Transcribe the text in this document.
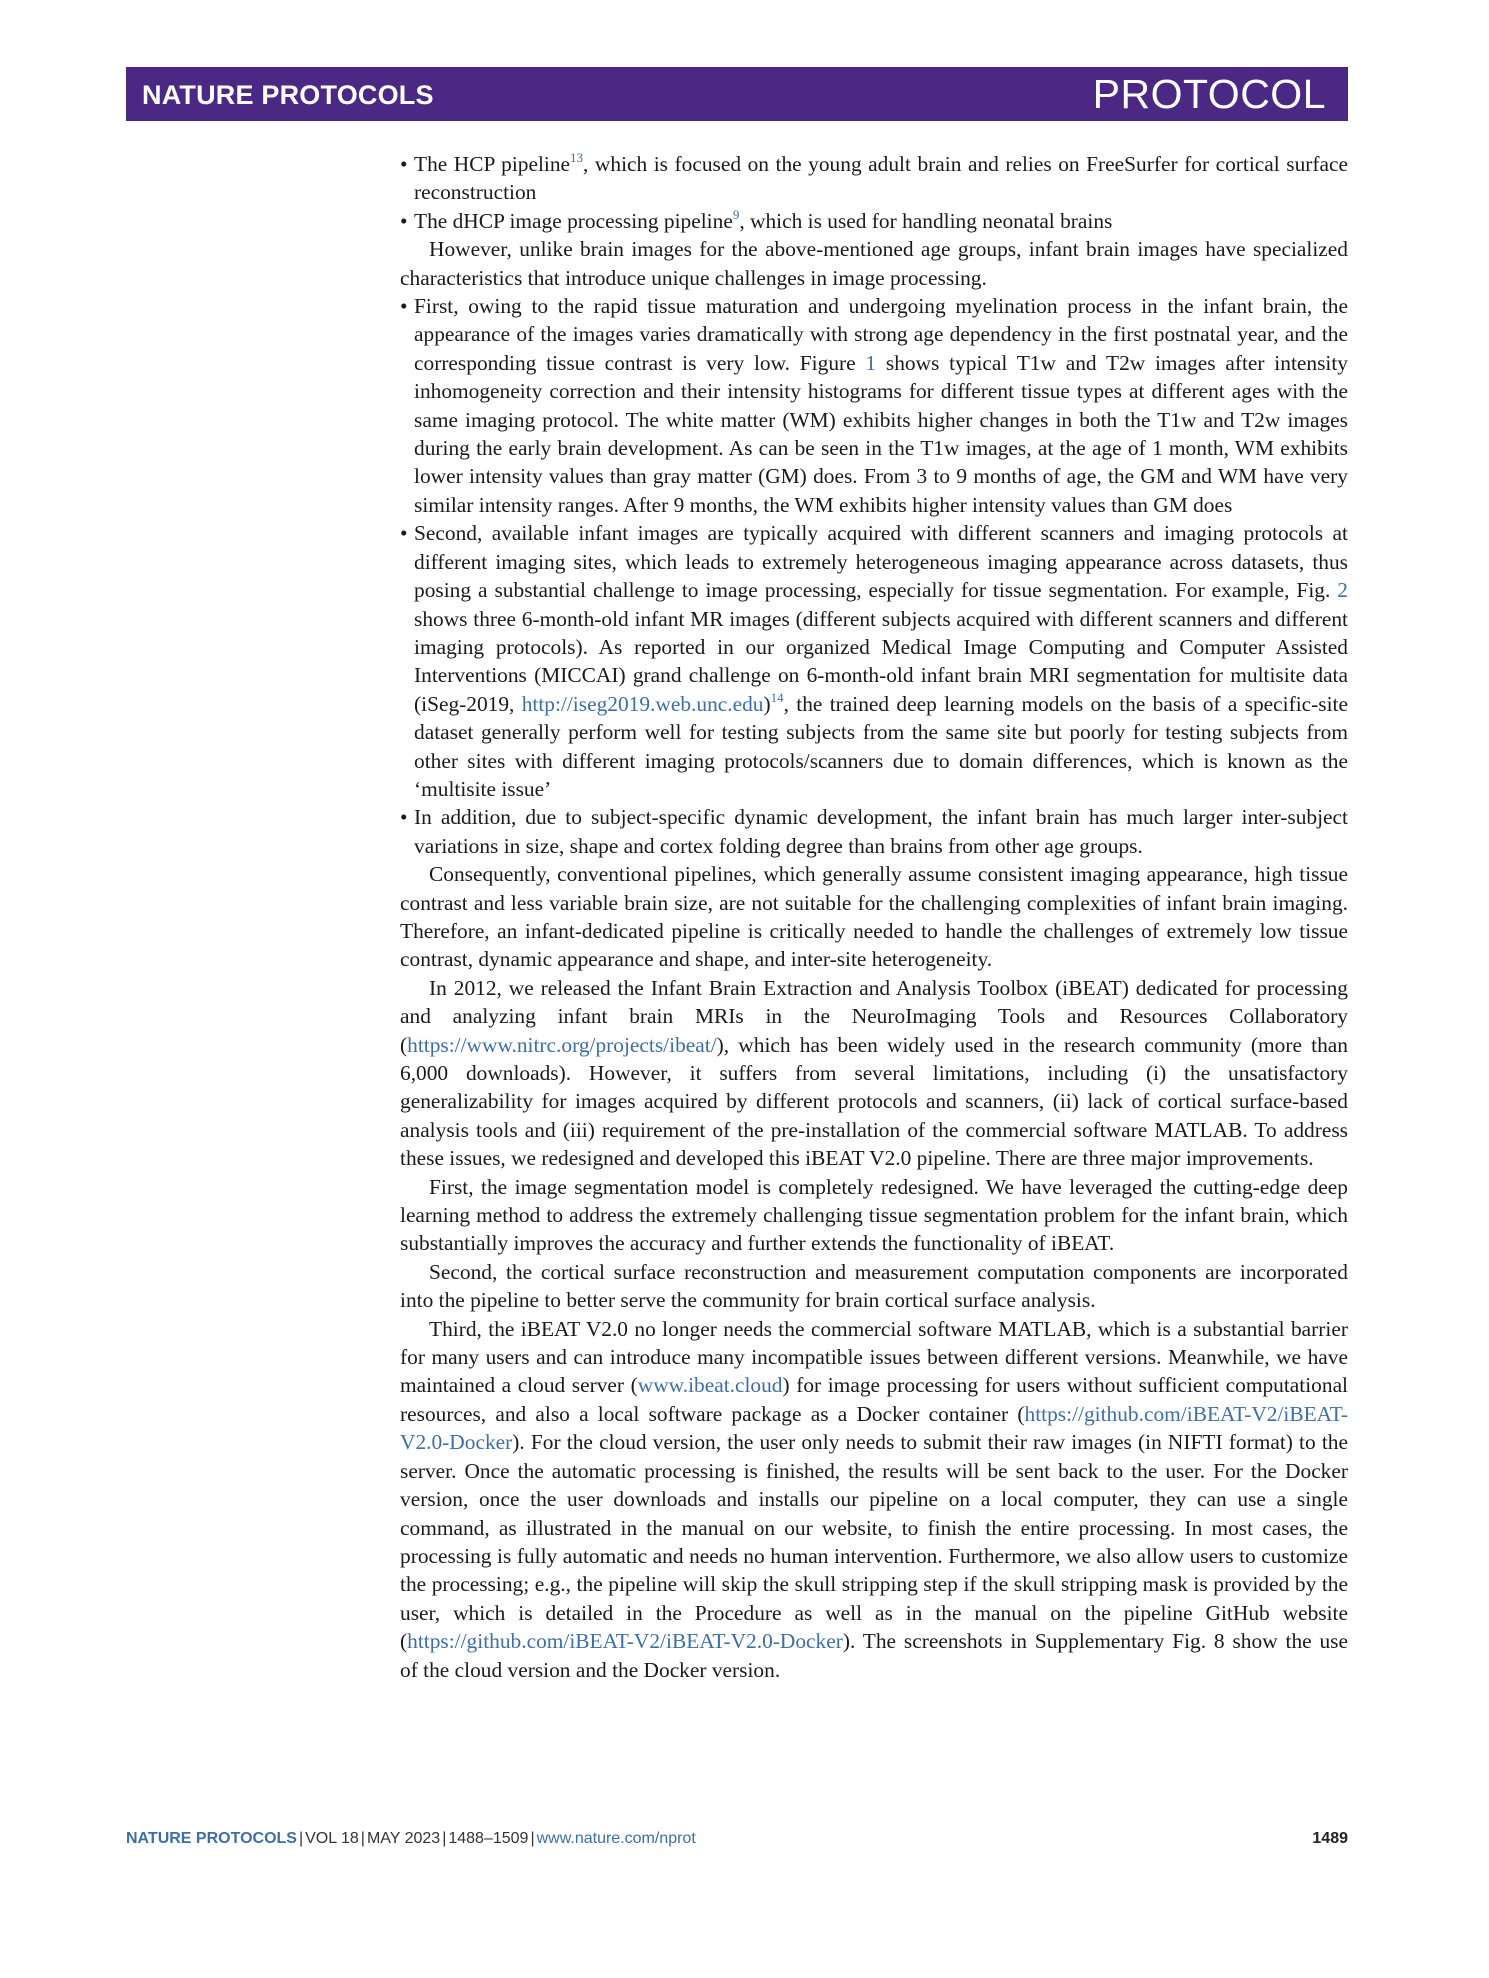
NATURE PROTOCOLS	PROTOCOL
• The HCP pipeline$^{13}$, which is focused on the young adult brain and relies on FreeSurfer for cortical surface reconstruction
• The dHCP image processing pipeline$^9$, which is used for handling neonatal brains

However, unlike brain images for the above-mentioned age groups, infant brain images have specialized characteristics that introduce unique challenges in image processing.

• First, owing to the rapid tissue maturation and undergoing myelination process in the infant brain, the appearance of the images varies dramatically with strong age dependency in the first postnatal year, and the corresponding tissue contrast is very low. Figure 1 shows typical T1w and T2w images after intensity inhomogeneity correction and their intensity histograms for different tissue types at different ages with the same imaging protocol. The white matter (WM) exhibits higher changes in both the T1w and T2w images during the early brain development. As can be seen in the T1w images, at the age of 1 month, WM exhibits lower intensity values than gray matter (GM) does. From 3 to 9 months of age, the GM and WM have very similar intensity ranges. After 9 months, the WM exhibits higher intensity values than GM does
• Second, available infant images are typically acquired with different scanners and imaging protocols at different imaging sites, which leads to extremely heterogeneous imaging appearance across datasets, thus posing a substantial challenge to image processing, especially for tissue segmentation. For example, Fig. 2 shows three 6-month-old infant MR images (different subjects acquired with different scanners and different imaging protocols). As reported in our organized Medical Image Computing and Computer Assisted Interventions (MICCAI) grand challenge on 6-month-old infant brain MRI segmentation for multisite data (iSeg-2019, http://iseg2019.web.unc.edu)$^{14}$, the trained deep learning models on the basis of a specific-site dataset generally perform well for testing subjects from the same site but poorly for testing subjects from other sites with different imaging protocols/scanners due to domain differences, which is known as the ‘multisite issue’
• In addition, due to subject-specific dynamic development, the infant brain has much larger inter-subject variations in size, shape and cortex folding degree than brains from other age groups.

Consequently, conventional pipelines, which generally assume consistent imaging appearance, high tissue contrast and less variable brain size, are not suitable for the challenging complexities of infant brain imaging. Therefore, an infant-dedicated pipeline is critically needed to handle the challenges of extremely low tissue contrast, dynamic appearance and shape, and inter-site heterogeneity.

In 2012, we released the Infant Brain Extraction and Analysis Toolbox (iBEAT) dedicated for processing and analyzing infant brain MRIs in the NeuroImaging Tools and Resources Collaboratory (https://www.nitrc.org/projects/ibeat/), which has been widely used in the research community (more than 6,000 downloads). However, it suffers from several limitations, including (i) the unsatisfactory generalizability for images acquired by different protocols and scanners, (ii) lack of cortical surface-based analysis tools and (iii) requirement of the pre-installation of the commercial software MATLAB. To address these issues, we redesigned and developed this iBEAT V2.0 pipeline. There are three major improvements.

First, the image segmentation model is completely redesigned. We have leveraged the cutting-edge deep learning method to address the extremely challenging tissue segmentation problem for the infant brain, which substantially improves the accuracy and further extends the functionality of iBEAT.

Second, the cortical surface reconstruction and measurement computation components are incorporated into the pipeline to better serve the community for brain cortical surface analysis.

Third, the iBEAT V2.0 no longer needs the commercial software MATLAB, which is a substantial barrier for many users and can introduce many incompatible issues between different versions. Meanwhile, we have maintained a cloud server (www.ibeat.cloud) for image processing for users without sufficient computational resources, and also a local software package as a Docker container (https://github.com/iBEAT-V2/iBEAT-V2.0-Docker). For the cloud version, the user only needs to submit their raw images (in NIFTI format) to the server. Once the automatic processing is finished, the results will be sent back to the user. For the Docker version, once the user downloads and installs our pipeline on a local computer, they can use a single command, as illustrated in the manual on our website, to finish the entire processing. In most cases, the processing is fully automatic and needs no human intervention. Furthermore, we also allow users to customize the processing; e.g., the pipeline will skip the skull stripping step if the skull stripping mask is provided by the user, which is detailed in the Procedure as well as in the manual on the pipeline GitHub website (https://github.com/iBEAT-V2/iBEAT-V2.0-Docker). The screenshots in Supplementary Fig. 8 show the use of the cloud version and the Docker version.

NATURE PROTOCOLS | VOL 18 | MAY 2023 | 1488–1509 | www.nature.com/nprot	1489
